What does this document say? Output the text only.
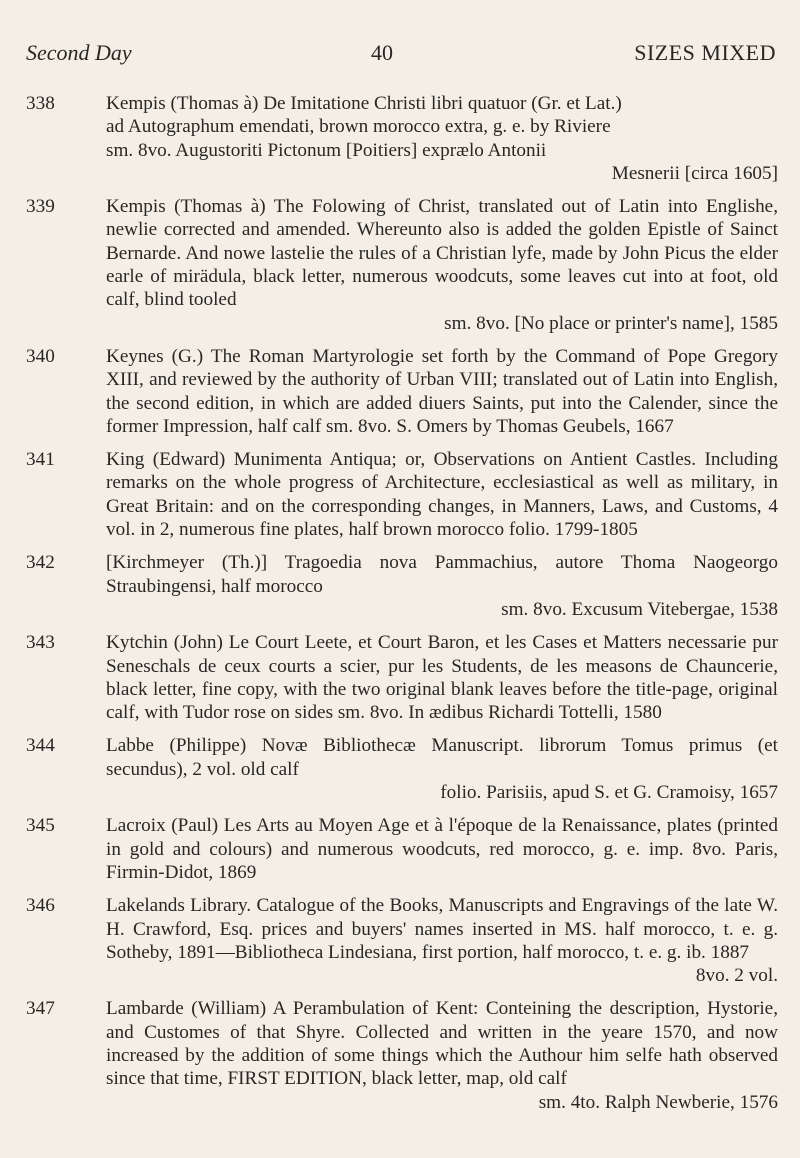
Second Day	40	SIZES MIXED
338	Kempis (Thomas à) De Imitatione Christi libri quatuor (Gr. et Lat.)
ad Autographum emendati, brown morocco extra, g. e. by Riviere
sm. 8vo. Augustoriti Pictonum [Poitiers] exprælo Antonii
Mesnerii [circa 1605]
339	Kempis (Thomas à) The Folowing of Christ, translated out of Latin into Englishe, newlie corrected and amended. Whereunto also is added the golden Epistle of Sainct Bernarde. And nowe lastelie the rules of a Christian lyfe, made by John Picus the elder earle of mirädula, black letter, numerous woodcuts, some leaves cut into at foot, old calf, blind tooled
sm. 8vo. [No place or printer's name], 1585
340	Keynes (G.) The Roman Martyrologie set forth by the Command of Pope Gregory XIII, and reviewed by the authority of Urban VIII; translated out of Latin into English, the second edition, in which are added diuers Saints, put into the Calender, since the former Impression, half calf sm. 8vo. S. Omers by Thomas Geubels, 1667
341	King (Edward) Munimenta Antiqua; or, Observations on Antient Castles. Including remarks on the whole progress of Architecture, ecclesiastical as well as military, in Great Britain: and on the corresponding changes, in Manners, Laws, and Customs, 4 vol. in 2, numerous fine plates, half brown morocco folio. 1799-1805
342	[Kirchmeyer (Th.)] Tragoedia nova Pammachius, autore Thoma Naogeorgo Straubingensi, half morocco
sm. 8vo. Excusum Vitebergae, 1538
343	Kytchin (John) Le Court Leete, et Court Baron, et les Cases et Matters necessarie pur Seneschals de ceux courts a scier, pur les Students, de les measons de Chauncerie, black letter, fine copy, with the two original blank leaves before the title-page, original calf, with Tudor rose on sides sm. 8vo. In ædibus Richardi Tottelli, 1580
344	Labbe (Philippe) Novæ Bibliothecæ Manuscript. librorum Tomus primus (et secundus), 2 vol. old calf
folio. Parisiis, apud S. et G. Cramoisy, 1657
345	Lacroix (Paul) Les Arts au Moyen Age et à l'époque de la Renaissance, plates (printed in gold and colours) and numerous woodcuts, red morocco, g. e. imp. 8vo. Paris, Firmin-Didot, 1869
346	Lakelands Library. Catalogue of the Books, Manuscripts and Engravings of the late W. H. Crawford, Esq. prices and buyers' names inserted in MS. half morocco, t. e. g. Sotheby, 1891—Bibliotheca Lindesiana, first portion, half morocco, t. e. g. ib. 1887
8vo. 2 vol.
347	Lambarde (William) A Perambulation of Kent: Conteining the description, Hystorie, and Customes of that Shyre. Collected and written in the yeare 1570, and now increased by the addition of some things which the Authour him selfe hath observed since that time, FIRST EDITION, black letter, map, old calf
sm. 4to. Ralph Newberie, 1576
